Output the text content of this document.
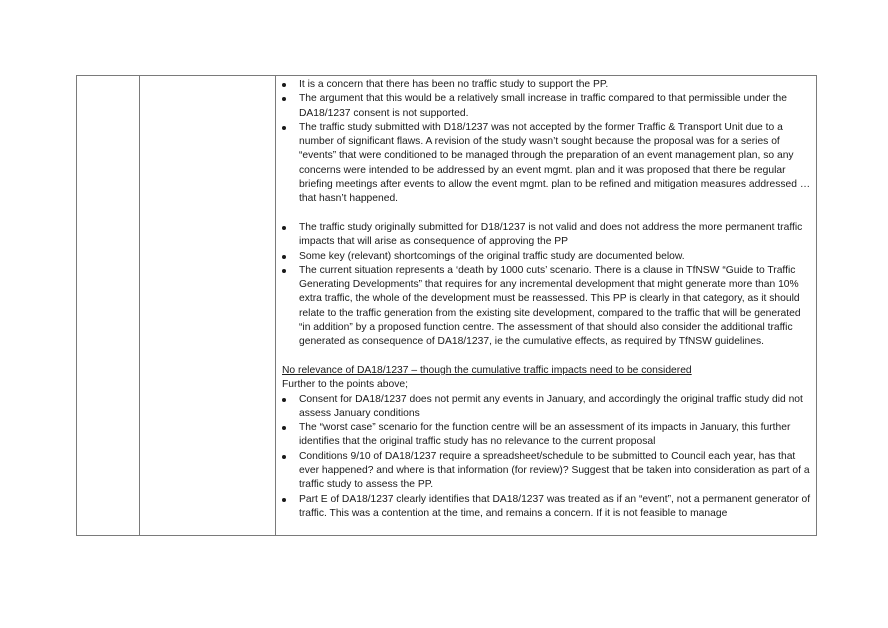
It is a concern that there has been no traffic study to support the PP.
The argument that this would be a relatively small increase in traffic compared to that permissible under the DA18/1237 consent is not supported.
The traffic study submitted with D18/1237 was not accepted by the former Traffic & Transport Unit due to a number of significant flaws. A revision of the study wasn’t sought because the proposal was for a series of “events” that were conditioned to be managed through the preparation of an event management plan, so any concerns were intended to be addressed by an event mgmt. plan and it was proposed that there be regular briefing meetings after events to allow the event mgmt. plan to be refined and mitigation measures addressed … that hasn’t happened.
The traffic study originally submitted for D18/1237 is not valid and does not address the more permanent traffic impacts that will arise as consequence of approving the PP
Some key (relevant) shortcomings of the original traffic study are documented below.
The current situation represents a ‘death by 1000 cuts’ scenario. There is a clause in TfNSW “Guide to Traffic Generating Developments” that requires for any incremental development that might generate more than 10% extra traffic, the whole of the development must be reassessed. This PP is clearly in that category, as it should relate to the traffic generation from the existing site development, compared to the traffic that will be generated “in addition” by a proposed function centre. The assessment of that should also consider the additional traffic generated as consequence of DA18/1237, ie the cumulative effects, as required by TfNSW guidelines.

No relevance of DA18/1237 – though the cumulative traffic impacts need to be considered

Further to the points above;

Consent for DA18/1237 does not permit any events in January, and accordingly the original traffic study did not assess January conditions
The “worst case” scenario for the function centre will be an assessment of its impacts in January, this further identifies that the original traffic study has no relevance to the current proposal
Conditions 9/10 of DA18/1237 require a spreadsheet/schedule to be submitted to Council each year, has that ever happened? and where is that information (for review)? Suggest that be taken into consideration as part of a traffic study to assess the PP.
Part E of DA18/1237 clearly identifies that DA18/1237 was treated as if an “event”, not a permanent generator of traffic. This was a contention at the time, and remains a concern. If it is not feasible to manage
